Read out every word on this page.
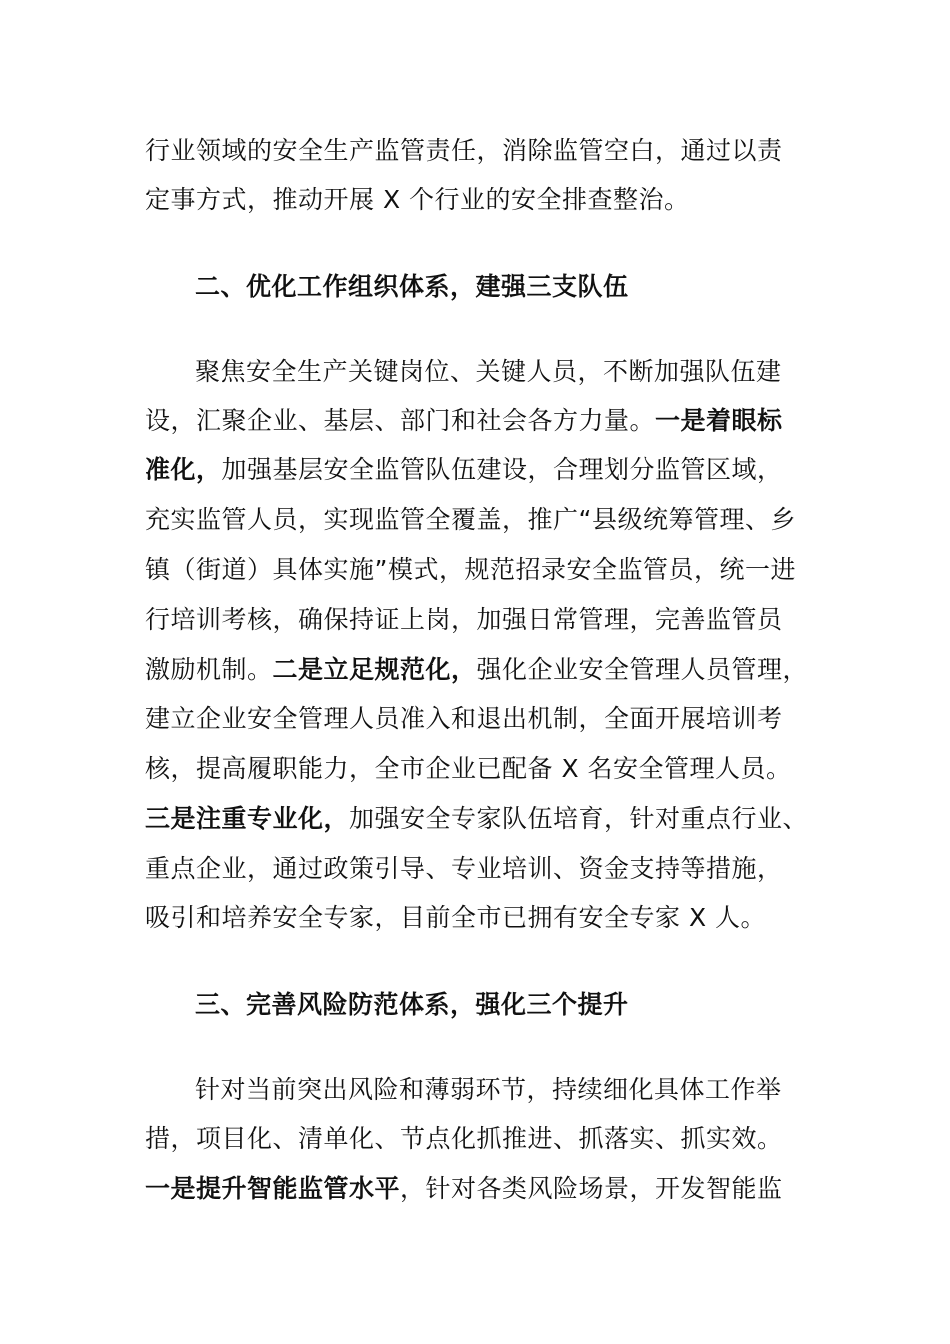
行业领域的安全生产监管责任，消除监管空白，通过以责
定事方式，推动开展 X 个行业的安全排查整治。
二、优化工作组织体系，建强三支队伍
聚焦安全生产关键岗位、关键人员，不断加强队伍建
设，汇聚企业、基层、部门和社会各方力量。一是着眼标
准化，加强基层安全监管队伍建设，合理划分监管区域，
充实监管人员，实现监管全覆盖，推广“县级统筹管理、乡
镇（街道）具体实施”模式，规范招录安全监管员，统一进
行培训考核，确保持证上岗，加强日常管理，完善监管员
激励机制。二是立足规范化，强化企业安全管理人员管理，
建立企业安全管理人员准入和退出机制，全面开展培训考
核，提高履职能力，全市企业已配备 X 名安全管理人员。
三是注重专业化，加强安全专家队伍培育，针对重点行业、
重点企业，通过政策引导、专业培训、资金支持等措施，
吸引和培养安全专家，目前全市已拥有安全专家 X 人。
三、完善风险防范体系，强化三个提升
针对当前突出风险和薄弱环节，持续细化具体工作举
措，项目化、清单化、节点化抓推进、抓落实、抓实效。
一是提升智能监管水平，针对各类风险场景，开发智能监
